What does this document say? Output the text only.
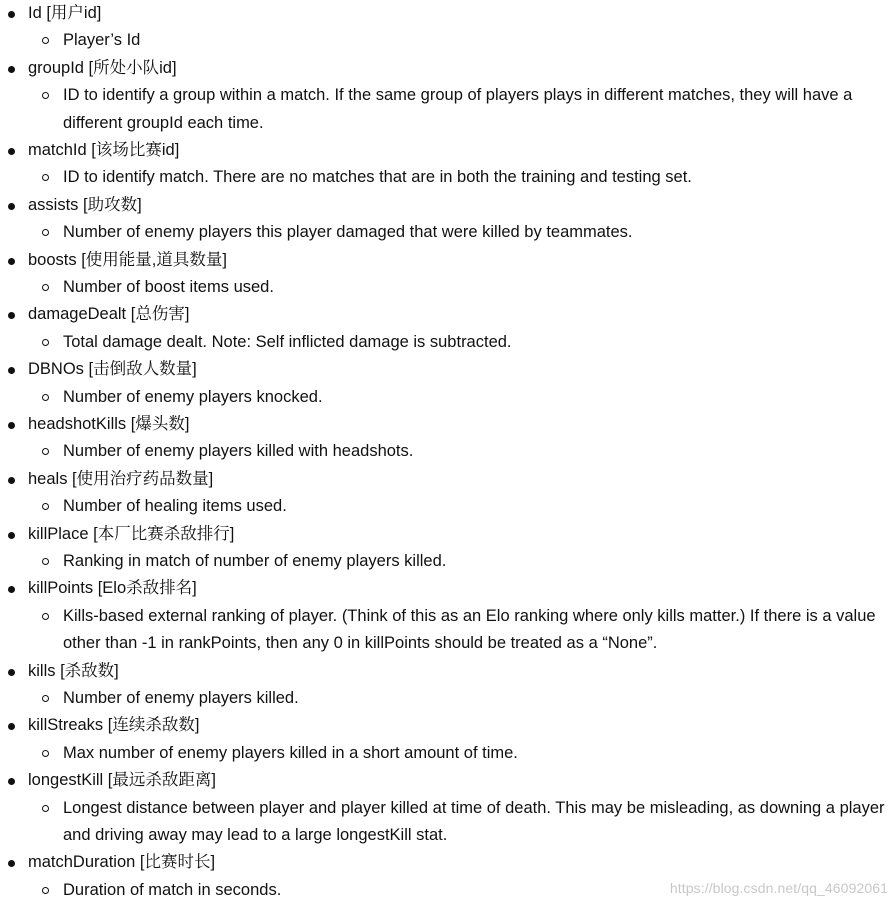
Id [用户id]
Player’s Id
groupId [所处小队id]
ID to identify a group within a match. If the same group of players plays in different matches, they will have a different groupId each time.
matchId [该场比赛id]
ID to identify match. There are no matches that are in both the training and testing set.
assists [助攻数]
Number of enemy players this player damaged that were killed by teammates.
boosts [使用能量,道具数量]
Number of boost items used.
damageDealt [总伤害]
Total damage dealt. Note: Self inflicted damage is subtracted.
DBNOs [击倒敌人数量]
Number of enemy players knocked.
headshotKills [爆头数]
Number of enemy players killed with headshots.
heals [使用治疗药品数量]
Number of healing items used.
killPlace [本厂比赛杀敌排行]
Ranking in match of number of enemy players killed.
killPoints [Elo杀敌排名]
Kills-based external ranking of player. (Think of this as an Elo ranking where only kills matter.) If there is a value other than -1 in rankPoints, then any 0 in killPoints should be treated as a “None”.
kills [杀敌数]
Number of enemy players killed.
killStreaks [连续杀敌数]
Max number of enemy players killed in a short amount of time.
longestKill [最远杀敌距离]
Longest distance between player and player killed at time of death. This may be misleading, as downing a player and driving away may lead to a large longestKill stat.
matchDuration [比赛时长]
Duration of match in seconds.	https://blog.csdn.net/qq_46092061
